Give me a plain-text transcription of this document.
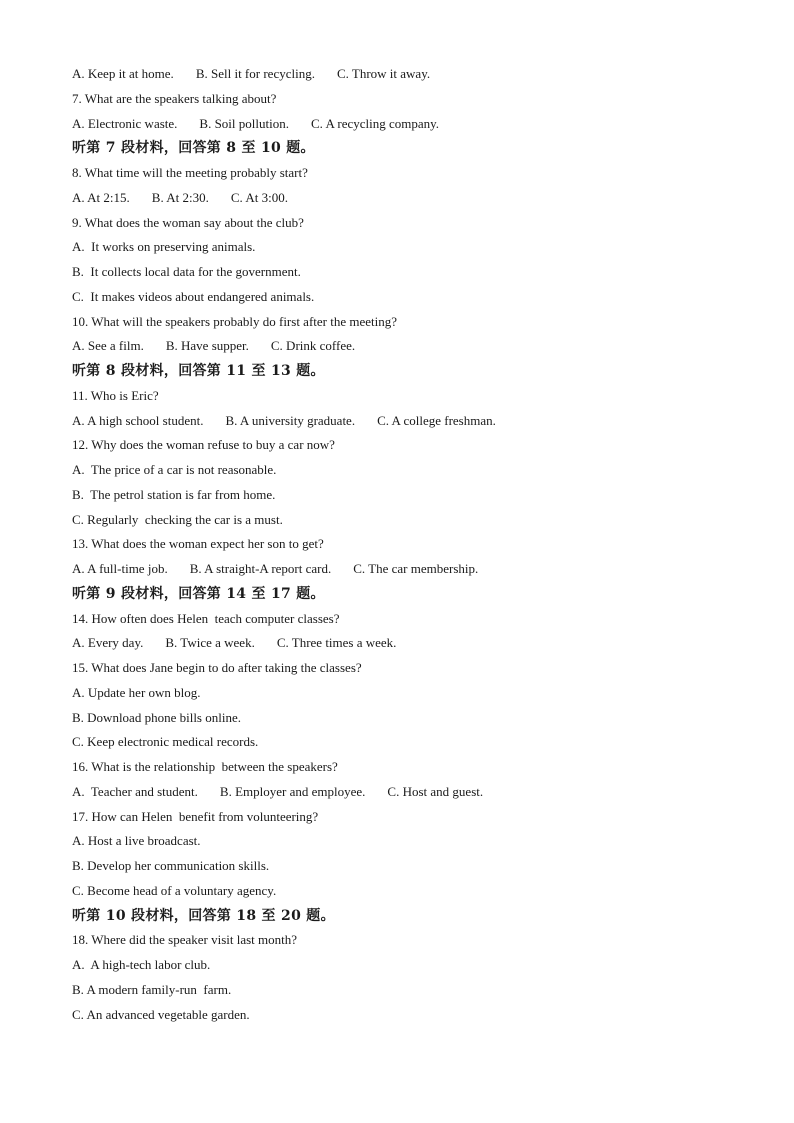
A. Keep it at home. B. Sell it for recycling. C. Throw it away.
7. What are the speakers talking about?
A. Electronic waste. B. Soil pollution. C. A recycling company.
听第 7 段材料，回答第 8 至 10 题。
8. What time will the meeting probably start?
A. At 2:15. B. At 2:30. C. At 3:00.
9. What does the woman say about the club?
A.  It works on preserving animals.
B.  It collects local data for the government.
C.  It makes videos about endangered animals.
10. What will the speakers probably do first after the meeting?
A. See a film. B. Have supper. C. Drink coffee.
听第 8 段材料，回答第 11 至 13 题。
11. Who is Eric?
A. A high school student. B. A university graduate. C. A college freshman.
12. Why does the woman refuse to buy a car now?
A.  The price of a car is not reasonable.
B.  The petrol station is far from home.
C. Regularly  checking the car is a must.
13. What does the woman expect her son to get?
A. A full-time job. B. A straight-A report card. C. The car membership.
听第 9 段材料，回答第 14 至 17 题。
14. How often does Helen  teach computer classes?
A. Every day. B. Twice a week. C. Three times a week.
15. What does Jane begin to do after taking the classes?
A. Update her own blog.
B. Download phone bills online.
C. Keep electronic medical records.
16. What is the relationship  between the speakers?
A.  Teacher and student. B. Employer and employee. C. Host and guest.
17. How can Helen  benefit from volunteering?
A. Host a live broadcast.
B. Develop her communication skills.
C. Become head of a voluntary agency.
听第 10 段材料，回答第 18 至 20 题。
18. Where did the speaker visit last month?
A.  A high-tech labor club.
B. A modern family-run  farm.
C. An advanced vegetable garden.
